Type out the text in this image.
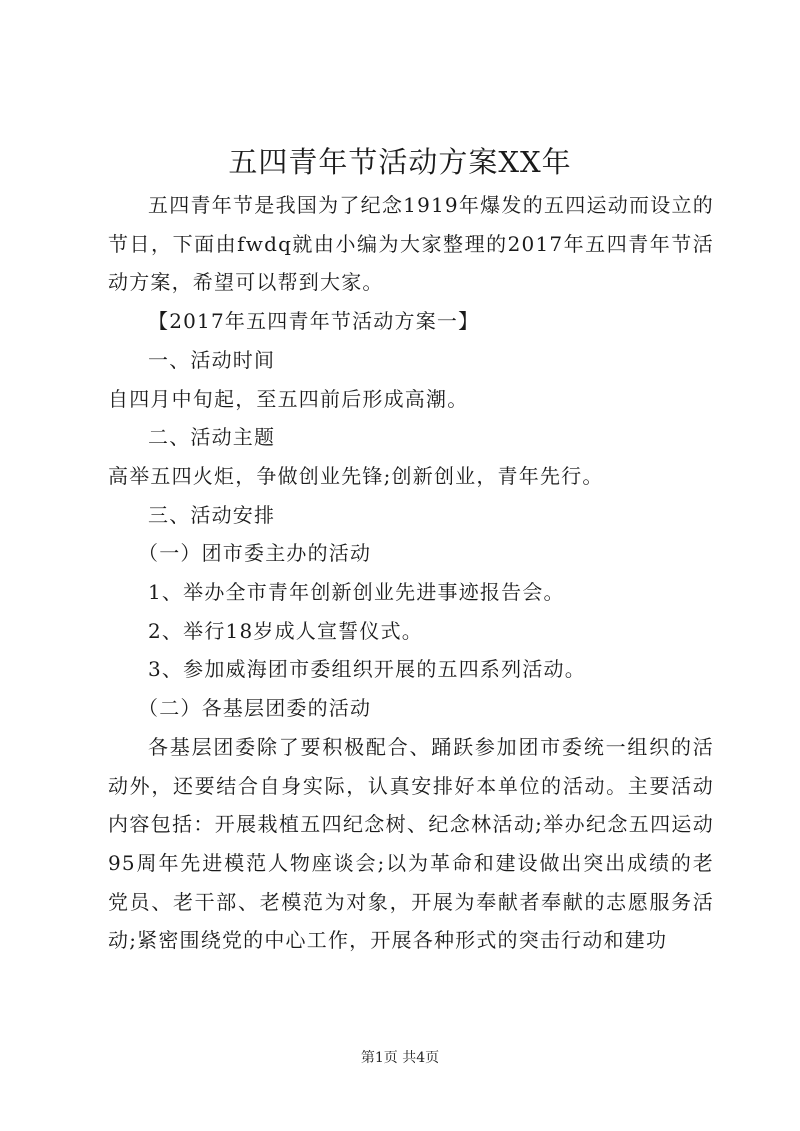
五四青年节活动方案XX年

五四青年节是我国为了纪念1919年爆发的五四运动而设立的节日，下面由fwdq就由小编为大家整理的2017年五四青年节活动方案，希望可以帮到大家。

【2017年五四青年节活动方案一】

一、活动时间

自四月中旬起，至五四前后形成高潮。

二、活动主题

高举五四火炬，争做创业先锋;创新创业，青年先行。

三、活动安排

（一）团市委主办的活动

1、举办全市青年创新创业先进事迹报告会。

2、举行18岁成人宣誓仪式。

3、参加威海团市委组织开展的五四系列活动。

（二）各基层团委的活动

各基层团委除了要积极配合、踊跃参加团市委统一组织的活动外，还要结合自身实际，认真安排好本单位的活动。主要活动内容包括：开展栽植五四纪念树、纪念林活动;举办纪念五四运动95周年先进模范人物座谈会;以为革命和建设做出突出成绩的老党员、老干部、老模范为对象，开展为奉献者奉献的志愿服务活动;紧密围绕党的中心工作，开展各种形式的突击行动和建功

第1页 共4页
